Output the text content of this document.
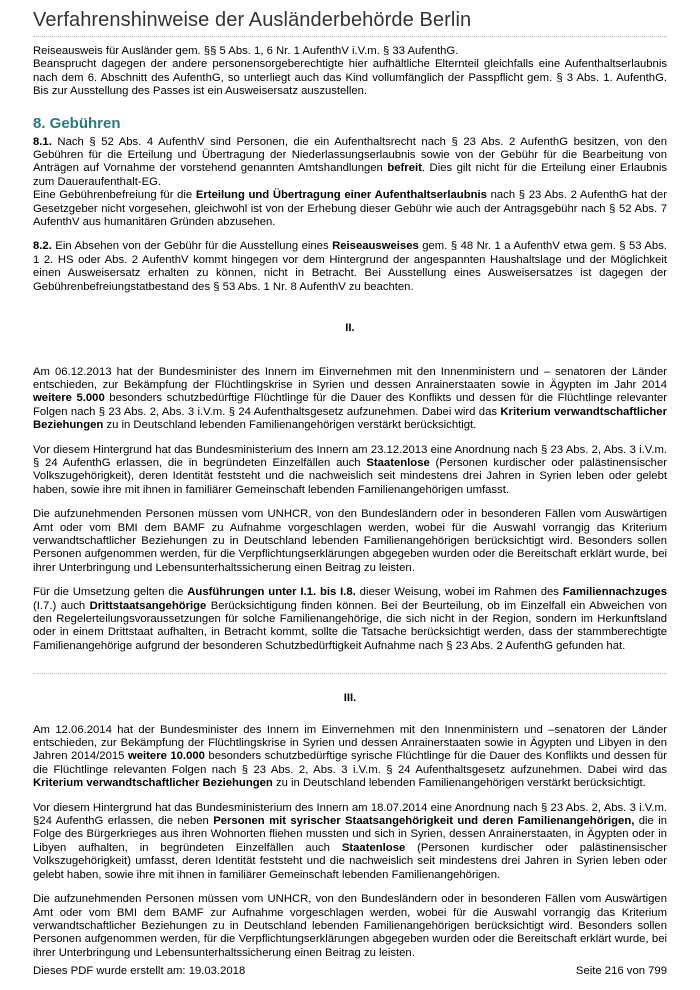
Verfahrenshinweise der Ausländerbehörde Berlin

Reiseausweis für Ausländer gem. §§ 5 Abs. 1, 6 Nr. 1 AufenthV i.V.m. § 33 AufenthG.
Beansprucht dagegen der andere personensorgeberechtigte hier aufhältliche Elternteil gleichfalls eine Aufenthaltserlaubnis nach dem 6. Abschnitt des AufenthG, so unterliegt auch das Kind vollumfänglich der Passpflicht gem. § 3 Abs. 1. AufenthG. Bis zur Ausstellung des Passes ist ein Ausweisersatz auszustellen.

8. Gebühren

8.1. Nach § 52 Abs. 4 AufenthV sind Personen, die ein Aufenthaltsrecht nach § 23 Abs. 2 AufenthG besitzen, von den Gebühren für die Erteilung und Übertragung der Niederlassungserlaubnis sowie von der Gebühr für die Bearbeitung von Anträgen auf Vornahme der vorstehend genannten Amtshandlungen befreit. Dies gilt nicht für die Erteilung einer Erlaubnis zum Daueraufenthalt-EG.
Eine Gebührenbefreiung für die Erteilung und Übertragung einer Aufenthaltserlaubnis nach § 23 Abs. 2 AufenthG hat der Gesetzgeber nicht vorgesehen, gleichwohl ist von der Erhebung dieser Gebühr wie auch der Antragsgebühr nach § 52 Abs. 7 AufenthV aus humanitären Gründen abzusehen.

8.2. Ein Absehen von der Gebühr für die Ausstellung eines Reiseausweises gem. § 48 Nr. 1 a AufenthV etwa gem. § 53 Abs. 1 2. HS oder Abs. 2 AufenthV kommt hingegen vor dem Hintergrund der angespannten Haushaltslage und der Möglichkeit einen Ausweisersatz erhalten zu können, nicht in Betracht. Bei Ausstellung eines Ausweisersatzes ist dagegen der Gebührenbefreiungstatbestand des § 53 Abs. 1 Nr. 8 AufenthV zu beachten.

II.

Am 06.12.2013 hat der Bundesminister des Innern im Einvernehmen mit den Innenministern und – senatoren der Länder entschieden, zur Bekämpfung der Flüchtlingskrise in Syrien und dessen Anrainerstaaten sowie in Ägypten im Jahr 2014 weitere 5.000 besonders schutzbedürftige Flüchtlinge für die Dauer des Konflikts und dessen für die Flüchtlinge relevanter Folgen nach § 23 Abs. 2, Abs. 3 i.V.m. § 24 Aufenthaltsgesetz aufzunehmen. Dabei wird das Kriterium verwandtschaftlicher Beziehungen zu in Deutschland lebenden Familienangehörigen verstärkt berücksichtigt.

Vor diesem Hintergrund hat das Bundesministerium des Innern am 23.12.2013 eine Anordnung nach § 23 Abs. 2, Abs. 3 i.V.m. § 24 AufenthG erlassen, die in begründeten Einzelfällen auch Staatenlose (Personen kurdischer oder palästinensischer Volkszugehörigkeit), deren Identität feststeht und die nachweislich seit mindestens drei Jahren in Syrien leben oder gelebt haben, sowie ihre mit ihnen in familiärer Gemeinschaft lebenden Familienangehörigen umfasst.

Die aufzunehmenden Personen müssen vom UNHCR, von den Bundesländern oder in besonderen Fällen vom Auswärtigen Amt oder vom BMI dem BAMF zu Aufnahme vorgeschlagen werden, wobei für die Auswahl vorrangig das Kriterium verwandtschaftlicher Beziehungen zu in Deutschland lebenden Familienangehörigen berücksichtigt wird. Besonders sollen Personen aufgenommen werden, für die Verpflichtungserklärungen abgegeben wurden oder die Bereitschaft erklärt wurde, bei ihrer Unterbringung und Lebensunterhaltssicherung einen Beitrag zu leisten.

Für die Umsetzung gelten die Ausführungen unter I.1. bis I.8. dieser Weisung, wobei im Rahmen des Familiennachzuges (I.7.) auch Drittstaatsangehörige Berücksichtigung finden können. Bei der Beurteilung, ob im Einzelfall ein Abweichen von den Regelerteilungsvoraussetzungen für solche Familienangehörige, die sich nicht in der Region, sondern im Herkunftsland oder in einem Drittstaat aufhalten, in Betracht kommt, sollte die Tatsache berücksichtigt werden, dass der stammberechtigte Familienangehörige aufgrund der besonderen Schutzbedürftigkeit Aufnahme nach § 23 Abs. 2 AufenthG gefunden hat.

III.

Am 12.06.2014 hat der Bundesminister des Innern im Einvernehmen mit den Innenministern und –senatoren der Länder entschieden, zur Bekämpfung der Flüchtlingskrise in Syrien und dessen Anrainerstaaten sowie in Ägypten und Libyen in den Jahren 2014/2015 weitere 10.000 besonders schutzbedürftige syrische Flüchtlinge für die Dauer des Konflikts und dessen für die Flüchtlinge relevanten Folgen nach § 23 Abs. 2, Abs. 3 i.V.m. § 24 Aufenthaltsgesetz aufzunehmen. Dabei wird das Kriterium verwandtschaftlicher Beziehungen zu in Deutschland lebenden Familienangehörigen verstärkt berücksichtigt.

Vor diesem Hintergrund hat das Bundesministerium des Innern am 18.07.2014 eine Anordnung nach § 23 Abs. 2, Abs. 3 i.V.m. §24 AufenthG erlassen, die neben Personen mit syrischer Staatsangehörigkeit und deren Familienangehörigen, die in Folge des Bürgerkrieges aus ihren Wohnorten fliehen mussten und sich in Syrien, dessen Anrainerstaaten, in Ägypten oder in Libyen aufhalten, in begründeten Einzelfällen auch Staatenlose (Personen kurdischer oder palästinensischer Volkszugehörigkeit) umfasst, deren Identität feststeht und die nachweislich seit mindestens drei Jahren in Syrien leben oder gelebt haben, sowie ihre mit ihnen in familiärer Gemeinschaft lebenden Familienangehörigen.

Die aufzunehmenden Personen müssen vom UNHCR, von den Bundesländern oder in besonderen Fällen vom Auswärtigen Amt oder vom BMI dem BAMF zur Aufnahme vorgeschlagen werden, wobei für die Auswahl vorrangig das Kriterium verwandtschaftlicher Beziehungen zu in Deutschland lebenden Familienangehörigen berücksichtigt wird. Besonders sollen Personen aufgenommen werden, für die Verpflichtungserklärungen abgegeben wurden oder die Bereitschaft erklärt wurde, bei ihrer Unterbringung und Lebensunterhaltssicherung einen Beitrag zu leisten.

Dieses PDF wurde erstellt am: 19.03.2018	Seite 216 von 799
